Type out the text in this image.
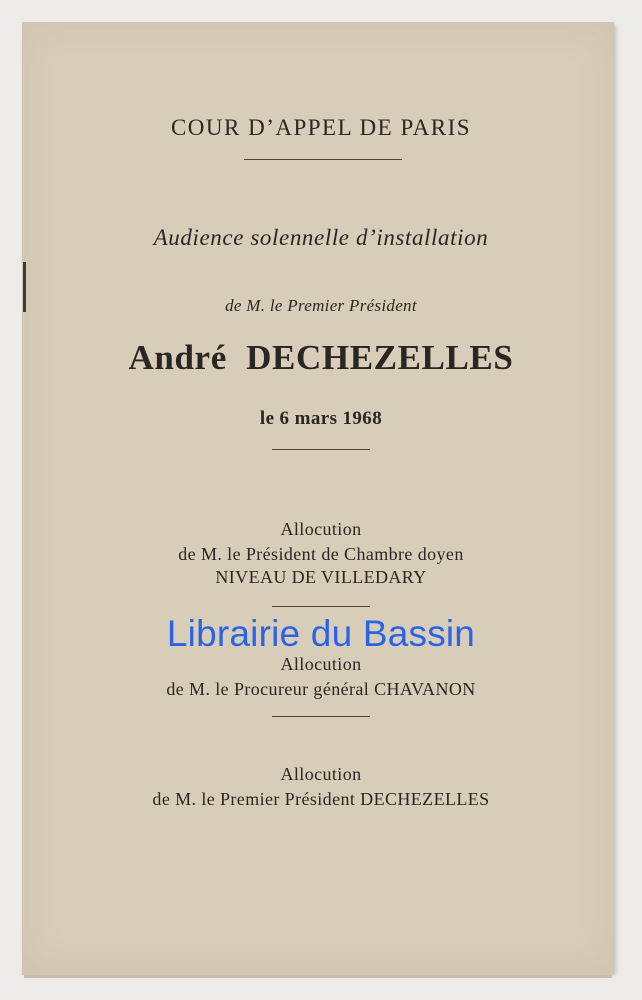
COUR D’APPEL DE PARIS

Audience solennelle d’installation

de M. le Premier Président

André DECHEZELLES

le 6 mars 1968

Allocution

de M. le Président de Chambre doyen

NIVEAU DE VILLEDARY

Librairie du Bassin

Allocution

de M. le Procureur général CHAVANON

Allocution

de M. le Premier Président DECHEZELLES
